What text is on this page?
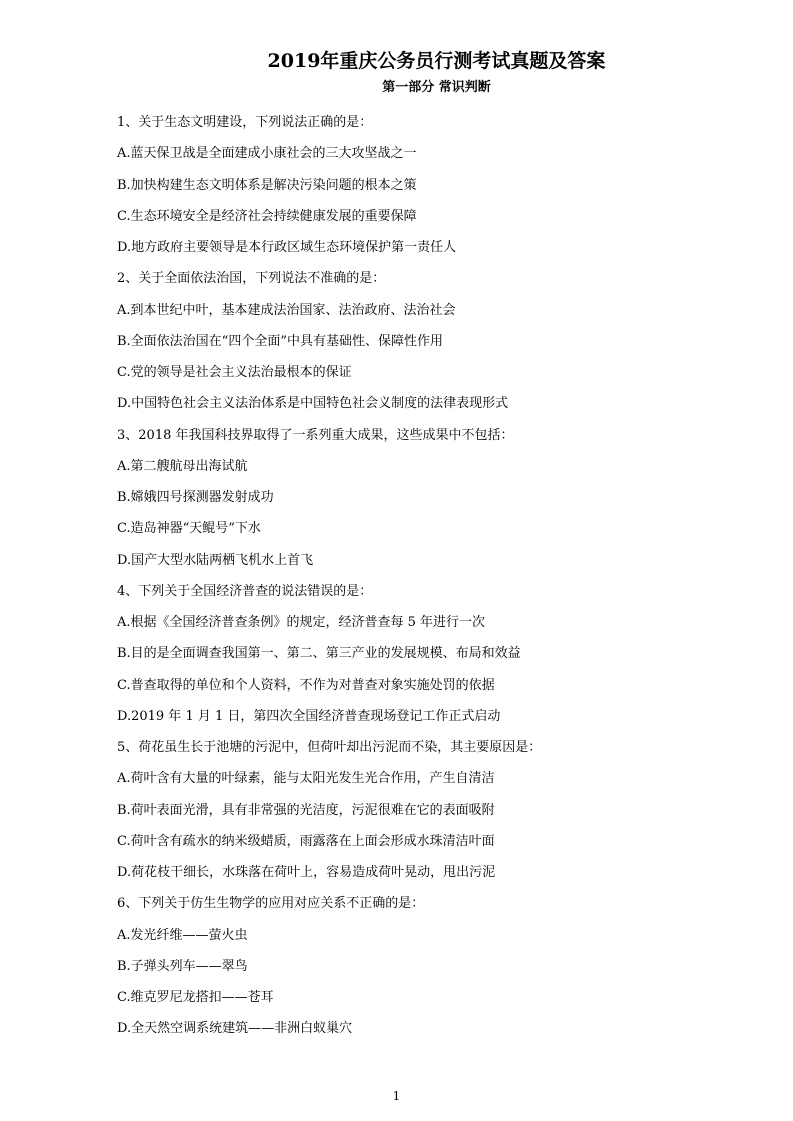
2019年重庆公务员行测考试真题及答案
第一部分 常识判断
1、关于生态文明建设，下列说法正确的是：
A.蓝天保卫战是全面建成小康社会的三大攻坚战之一
B.加快构建生态文明体系是解决污染问题的根本之策
C.生态环境安全是经济社会持续健康发展的重要保障
D.地方政府主要领导是本行政区域生态环境保护第一责任人
2、关于全面依法治国，下列说法不准确的是：
A.到本世纪中叶，基本建成法治国家、法治政府、法治社会
B.全面依法治国在“四个全面”中具有基础性、保障性作用
C.党的领导是社会主义法治最根本的保证
D.中国特色社会主义法治体系是中国特色社会义制度的法律表现形式
3、2018 年我国科技界取得了一系列重大成果，这些成果中不包括：
A.第二艘航母出海试航
B.嫦娥四号探测器发射成功
C.造岛神器“天鲲号”下水
D.国产大型水陆两栖飞机水上首飞
4、下列关于全国经济普查的说法错误的是：
A.根据《全国经济普查条例》的规定，经济普查每 5 年进行一次
B.目的是全面调查我国第一、第二、第三产业的发展规模、布局和效益
C.普查取得的单位和个人资料，不作为对普查对象实施处罚的依据
D.2019 年 1 月 1 日，第四次全国经济普查现场登记工作正式启动
5、荷花虽生长于池塘的污泥中，但荷叶却出污泥而不染，其主要原因是：
A.荷叶含有大量的叶绿素，能与太阳光发生光合作用，产生自清洁
B.荷叶表面光滑，具有非常强的光洁度，污泥很难在它的表面吸附
C.荷叶含有疏水的纳米级蜡质，雨露落在上面会形成水珠清洁叶面
D.荷花枝干细长，水珠落在荷叶上，容易造成荷叶晃动，甩出污泥
6、下列关于仿生生物学的应用对应关系不正确的是：
A.发光纤维——萤火虫
B.子弹头列车——翠鸟
C.维克罗尼龙搭扣——苍耳
D.全天然空调系统建筑——非洲白蚁巢穴
1
